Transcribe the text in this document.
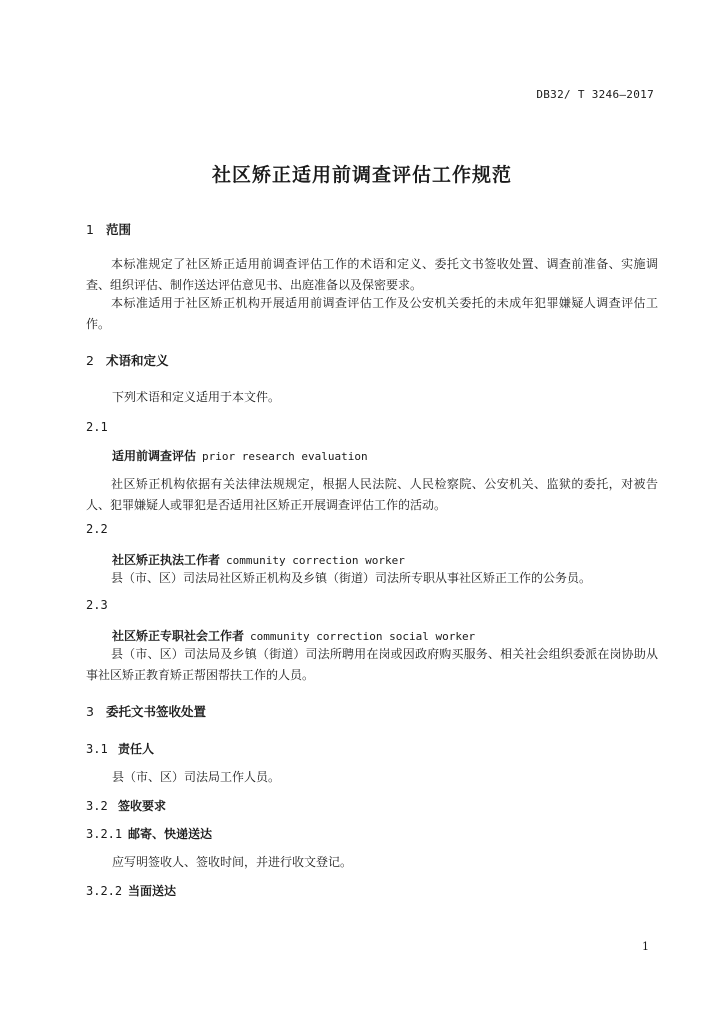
DB32/ T 3246—2017
社区矫正适用前调查评估工作规范
1 范围
本标准规定了社区矫正适用前调查评估工作的术语和定义、委托文书签收处置、调查前准备、实施调查、组织评估、制作送达评估意见书、出庭准备以及保密要求。
本标准适用于社区矫正机构开展适用前调查评估工作及公安机关委托的未成年犯罪嫌疑人调查评估工作。
2 术语和定义
下列术语和定义适用于本文件。
2.1
适用前调查评估 prior research evaluation
社区矫正机构依据有关法律法规规定，根据人民法院、人民检察院、公安机关、监狱的委托，对被告人、犯罪嫌疑人或罪犯是否适用社区矫正开展调查评估工作的活动。
2.2
社区矫正执法工作者 community correction worker
县（市、区）司法局社区矫正机构及乡镇（街道）司法所专职从事社区矫正工作的公务员。
2.3
社区矫正专职社会工作者 community correction social worker
县（市、区）司法局及乡镇（街道）司法所聘用在岗或因政府购买服务、相关社会组织委派在岗协助从事社区矫正教育矫正帮困帮扶工作的人员。
3 委托文书签收处置
3.1 责任人
县（市、区）司法局工作人员。
3.2 签收要求
3.2.1 邮寄、快递送达
应写明签收人、签收时间，并进行收文登记。
3.2.2 当面送达
1
